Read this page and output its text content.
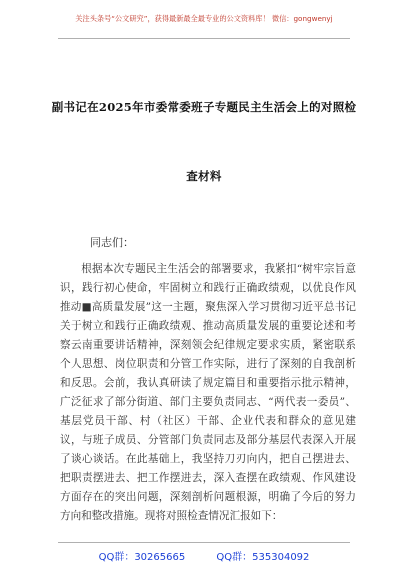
关注头条号“公文研究”，获得最新最全最专业的公文资料库！ 微信：gongwenyj
副书记在2025年市委常委班子专题民主生活会上的对照检
查材料
同志们：
根据本次专题民主生活会的部署要求，我紧扣“树牢宗旨意识，践行初心使命，牢固树立和践行正确政绩观，以优良作风推动■高质量发展”这一主题，聚焦深入学习贯彻习近平总书记关于树立和践行正确政绩观、推动高质量发展的重要论述和考察云南重要讲话精神，深刻领会纪律规定要求实质，紧密联系个人思想、岗位职责和分管工作实际，进行了深刻的自我剖析和反思。会前，我认真研读了规定篇目和重要指示批示精神，广泛征求了部分街道、部门主要负责同志、“两代表一委员”、基层党员干部、村（社区）干部、企业代表和群众的意见建议，与班子成员、分管部门负责同志及部分基层代表深入开展了谈心谈话。在此基础上，我坚持刀刃向内，把自己摆进去、把职责摆进去、把工作摆进去，深入查摆在政绩观、作风建设方面存在的突出问题，深刻剖析问题根源，明确了今后的努力方向和整改措施。现将对照检查情况汇报如下：
QQ群：30265665	QQ群：535304092
